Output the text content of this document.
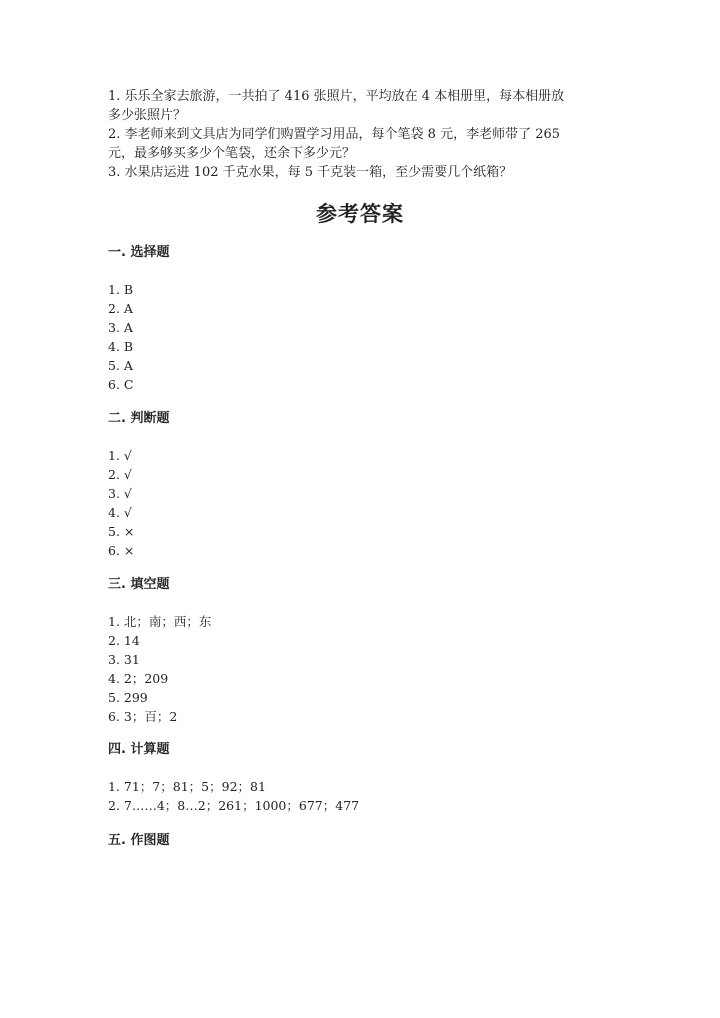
1. 乐乐全家去旅游，一共拍了 416 张照片，平均放在 4 本相册里，每本相册放
多少张照片？
2. 李老师来到文具店为同学们购置学习用品，每个笔袋 8 元，李老师带了 265
元，最多够买多少个笔袋，还余下多少元？
3. 水果店运进 102 千克水果，每 5 千克装一箱，至少需要几个纸箱？
参考答案
一. 选择题
1. B
2. A
3. A
4. B
5. A
6. C
二. 判断题
1. √
2. √
3. √
4. √
5. ×
6. ×
三. 填空题
1. 北；南；西；东
2. 14
3. 31
4. 2；209
5. 299
6. 3；百；2
四. 计算题
1. 71；7；81；5；92；81
2. 7……4；8…2；261；1000；677；477
五. 作图题
